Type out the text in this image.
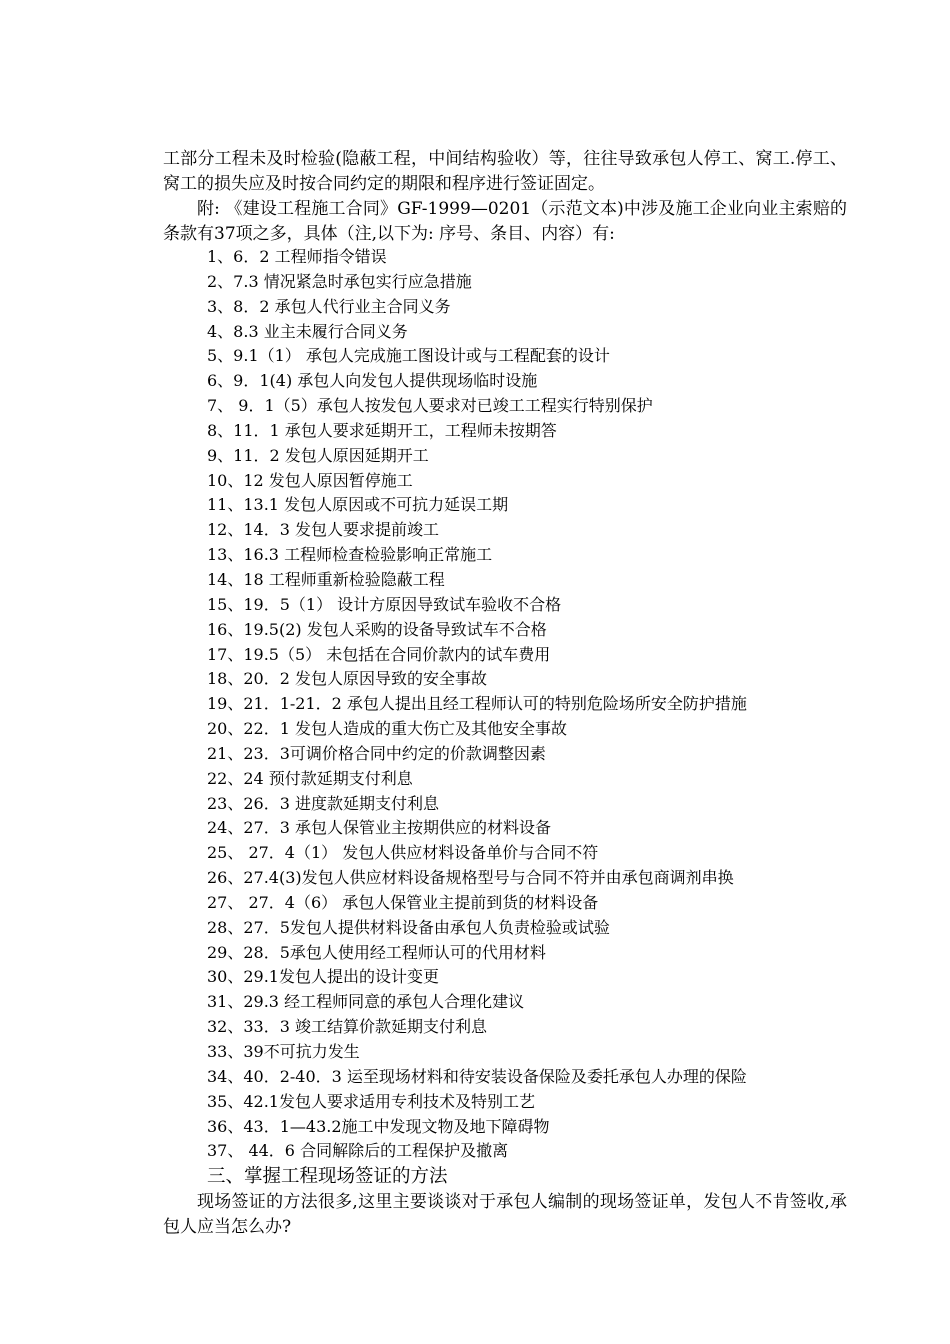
工部分工程未及时检验(隐蔽工程，中间结构验收）等，往往导致承包人停工、窝工.停工、窝工的损失应及时按合同约定的期限和程序进行签证固定。

附: 《建设工程施工合同》GF-1999—0201（示范文本)中涉及施工企业向业主索赔的条款有37项之多，具体（注,以下为: 序号、条目、内容）有:

1、6．2 工程师指令错误
2、7.3 情况紧急时承包实行应急措施
3、8．2 承包人代行业主合同义务
4、8.3 业主未履行合同义务
5、9.1（1） 承包人完成施工图设计或与工程配套的设计
6、9．1(4) 承包人向发包人提供现场临时设施
7、 9．1（5）承包人按发包人要求对已竣工工程实行特别保护
8、11．1 承包人要求延期开工，工程师未按期答
9、11．2 发包人原因延期开工
10、12 发包人原因暂停施工
11、13.1 发包人原因或不可抗力延误工期
12、14．3 发包人要求提前竣工
13、16.3 工程师检查检验影响正常施工
14、18 工程师重新检验隐蔽工程
15、19．5（1） 设计方原因导致试车验收不合格
16、19.5(2) 发包人采购的设备导致试车不合格
17、19.5（5） 未包括在合同价款内的试车费用
18、20．2 发包人原因导致的安全事故
19、21．1-21．2 承包人提出且经工程师认可的特别危险场所安全防护措施
20、22．1 发包人造成的重大伤亡及其他安全事故
21、23．3可调价格合同中约定的价款调整因素
22、24 预付款延期支付利息
23、26．3 进度款延期支付利息
24、27．3 承包人保管业主按期供应的材料设备
25、 27．4（1） 发包人供应材料设备单价与合同不符
26、27.4(3)发包人供应材料设备规格型号与合同不符并由承包商调剂串换
27、 27．4（6） 承包人保管业主提前到货的材料设备
28、27．5发包人提供材料设备由承包人负责检验或试验
29、28．5承包人使用经工程师认可的代用材料
30、29.1发包人提出的设计变更
31、29.3 经工程师同意的承包人合理化建议
32、33．3 竣工结算价款延期支付利息
33、39不可抗力发生
34、40．2-40．3 运至现场材料和待安装设备保险及委托承包人办理的保险
35、42.1发包人要求适用专利技术及特别工艺
36、43．1—43.2施工中发现文物及地下障碍物
37、 44．6 合同解除后的工程保护及撤离
三、掌握工程现场签证的方法

现场签证的方法很多,这里主要谈谈对于承包人编制的现场签证单，发包人不肯签收,承包人应当怎么办?
